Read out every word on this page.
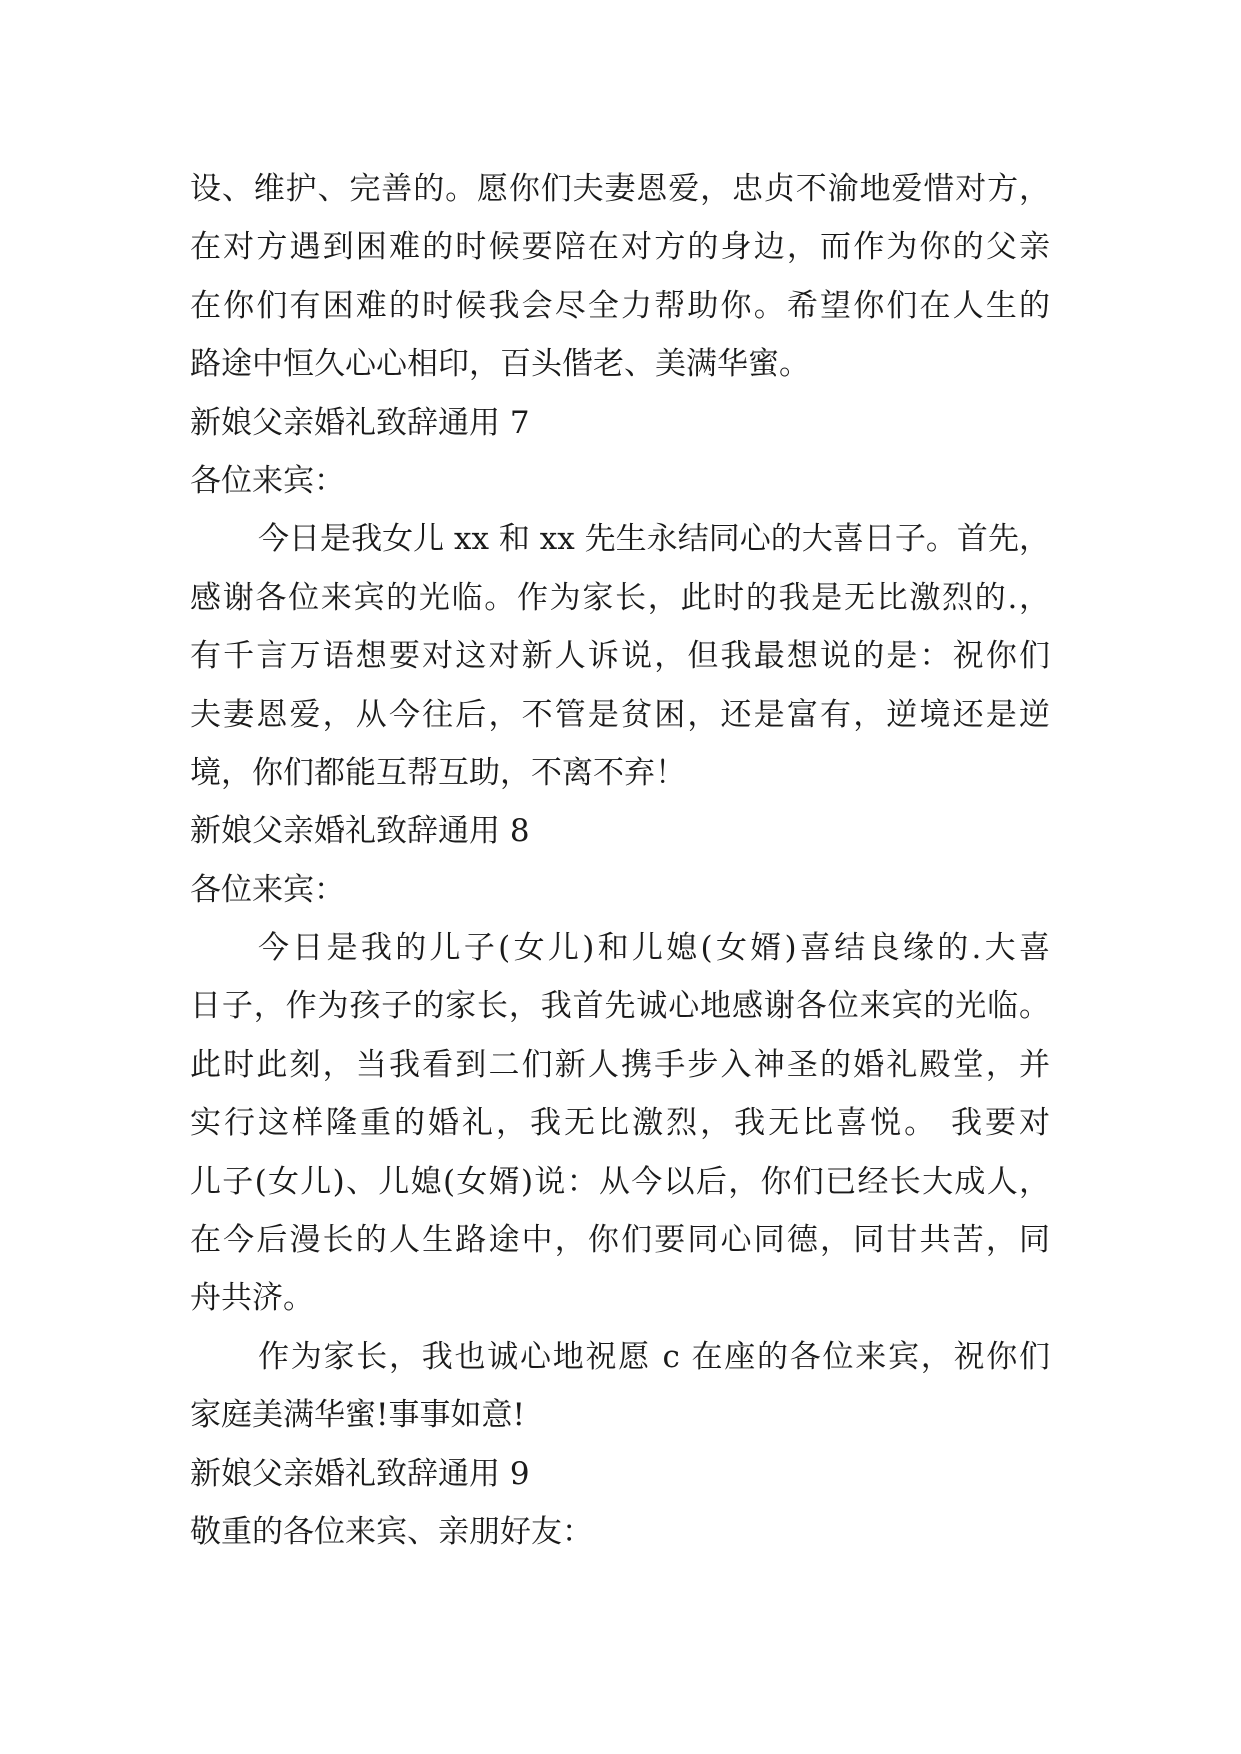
设、维护、完善的。愿你们夫妻恩爱，忠贞不渝地爱惜对方，
在对方遇到困难的时候要陪在对方的身边，而作为你的父亲
在你们有困难的时候我会尽全力帮助你。希望你们在人生的
路途中恒久心心相印，百头偕老、美满华蜜。
新娘父亲婚礼致辞通用 7
各位来宾：
今日是我女儿 xx 和 xx 先生永结同心的大喜日子。首先，
感谢各位来宾的光临。作为家长，此时的我是无比激烈的.，
有千言万语想要对这对新人诉说，但我最想说的是：祝你们
夫妻恩爱，从今往后，不管是贫困，还是富有，逆境还是逆
境，你们都能互帮互助，不离不弃！
新娘父亲婚礼致辞通用 8
各位来宾：
今日是我的儿子(女儿)和儿媳(女婿)喜结良缘的.大喜
日子，作为孩子的家长，我首先诚心地感谢各位来宾的光临。
此时此刻，当我看到二们新人携手步入神圣的婚礼殿堂，并
实行这样隆重的婚礼，我无比激烈，我无比喜悦。 我要对
儿子(女儿)、儿媳(女婿)说：从今以后，你们已经长大成人，
在今后漫长的人生路途中，你们要同心同德，同甘共苦，同
舟共济。
作为家长，我也诚心地祝愿 c 在座的各位来宾，祝你们
家庭美满华蜜!事事如意!
新娘父亲婚礼致辞通用 9
敬重的各位来宾、亲朋好友：
